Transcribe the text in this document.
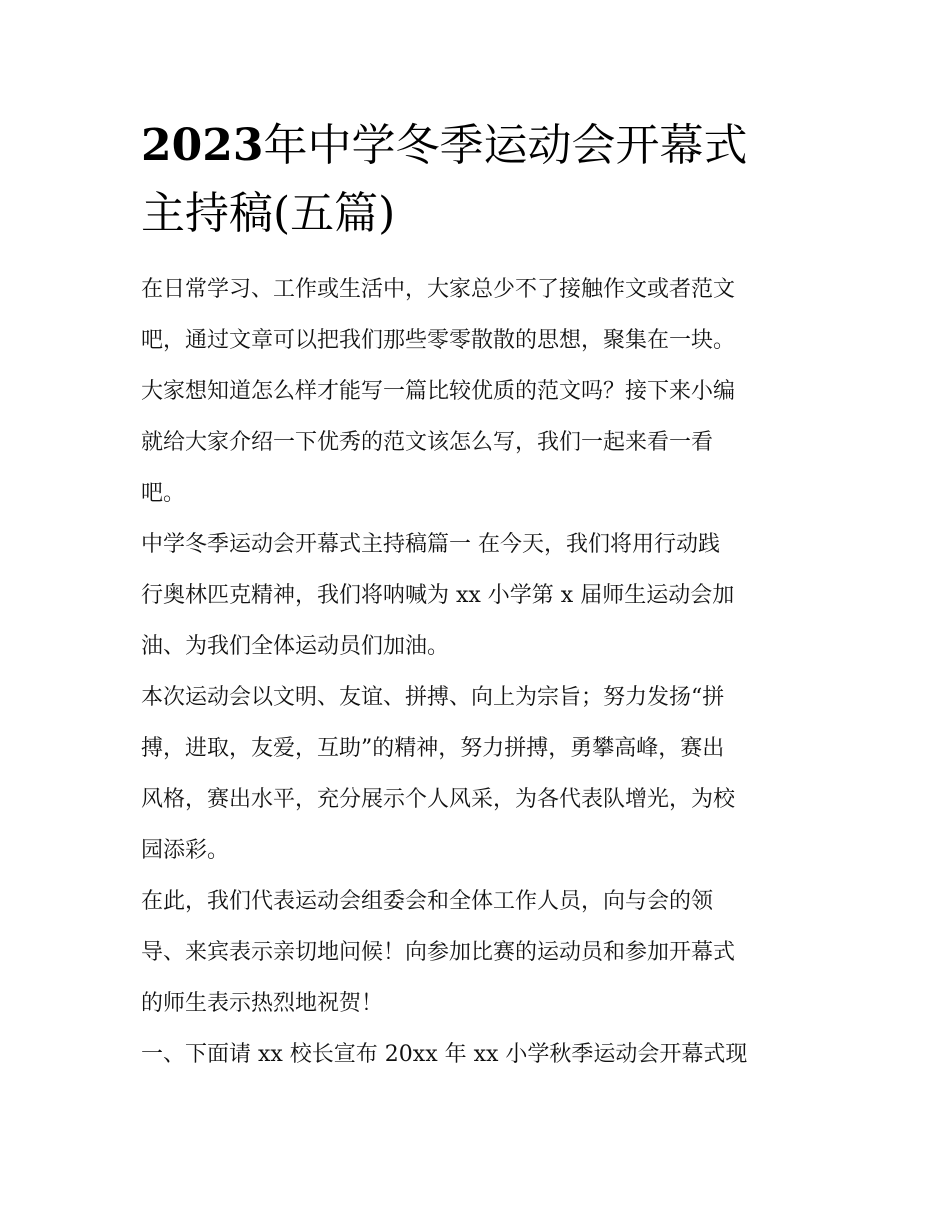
2023年中学冬季运动会开幕式
主持稿(五篇)

在日常学习、工作或生活中，大家总少不了接触作文或者范文
吧，通过文章可以把我们那些零零散散的思想，聚集在一块。
大家想知道怎么样才能写一篇比较优质的范文吗？接下来小编
就给大家介绍一下优秀的范文该怎么写，我们一起来看一看
吧。

中学冬季运动会开幕式主持稿篇一 在今天，我们将用行动践
行奥林匹克精神，我们将呐喊为 xx 小学第 x 届师生运动会加
油、为我们全体运动员们加油。

本次运动会以文明、友谊、拼搏、向上为宗旨；努力发扬“拼
搏，进取，友爱，互助”的精神，努力拼搏，勇攀高峰，赛出
风格，赛出水平，充分展示个人风采，为各代表队增光，为校
园添彩。

在此，我们代表运动会组委会和全体工作人员，向与会的领
导、来宾表示亲切地问候！向参加比赛的运动员和参加开幕式
的师生表示热烈地祝贺！

一、下面请 xx 校长宣布 20xx 年 xx 小学秋季运动会开幕式现
